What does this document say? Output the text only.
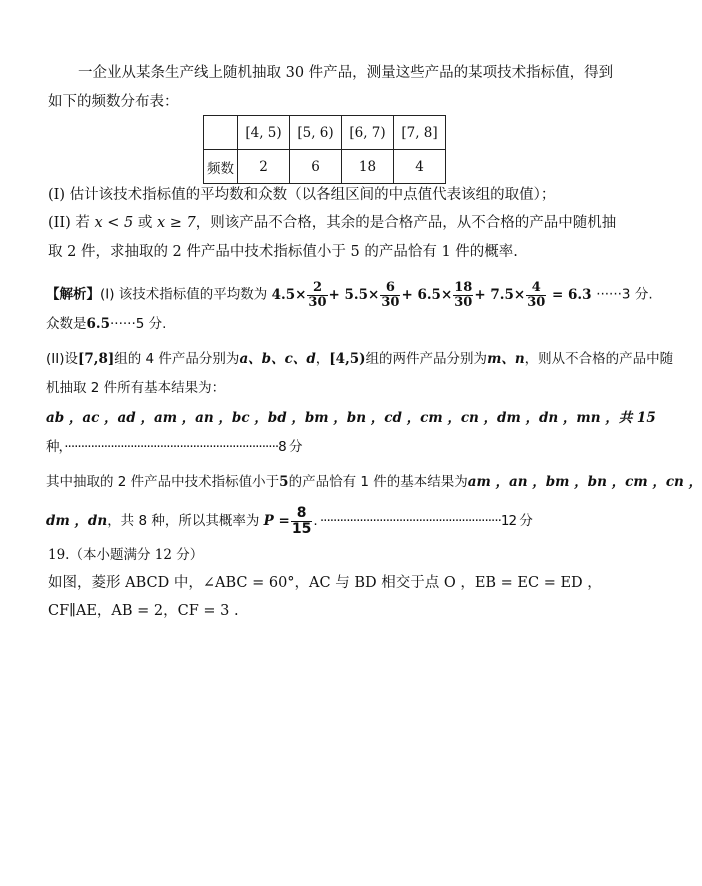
一企业从某条生产线上随机抽取 30 件产品，测量这些产品的某项技术指标值，得到
如下的频数分布表：
	[4, 5)	[5, 6)	[6, 7)	[7, 8]
频数	2	6	18	4
(I) 估计该技术指标值的平均数和众数（以各组区间的中点值代表该组的取值）；
(II) 若 x < 5 或 x ≥ 7，则该产品不合格，其余的是合格产品，从不合格的产品中随机抽
取 2 件，求抽取的 2 件产品中技术指标值小于 5 的产品恰有 1 件的概率.
【解析】(I) 该技术指标值的平均数为 $4.5\times \frac{2}{30} + 5.5\times \frac{6}{30} + 6.5\times \frac{18}{30} + 7.5\times \frac{4}{30} = 6.3 \cdot\cdot\cdot\cdot\cdot\cdot 3$ 分.
众数是6.5······5 分.
(II)设[7,8]组的 4 件产品分别为a、b、c、d，[4,5)组的两件产品分别为m、n，则从不合格的产品中随
机抽取 2 件所有基本结果为：
ab ，ac ，ad ，am ，an ，bc ，bd ，bm ，bn ，cd ，cm ，cn ，dm ，dn ，mn ，共 15
种，·································································8 分
其中抽取的 2 件产品中技术指标值小于5的产品恰有 1 件的基本结果为am ，an ，bm ，bn ，cm ，cn ，
dm ，dn，共 8 种，所以其概率为 $P = \frac{8}{15}$ . ·······················································12 分
19.（本小题满分 12 分）
如图，菱形 ABCD 中，∠ABC = 60°，AC 与 BD 相交于点 O ，EB = EC = ED ，
CF∥AE，AB = 2，CF = 3 .
